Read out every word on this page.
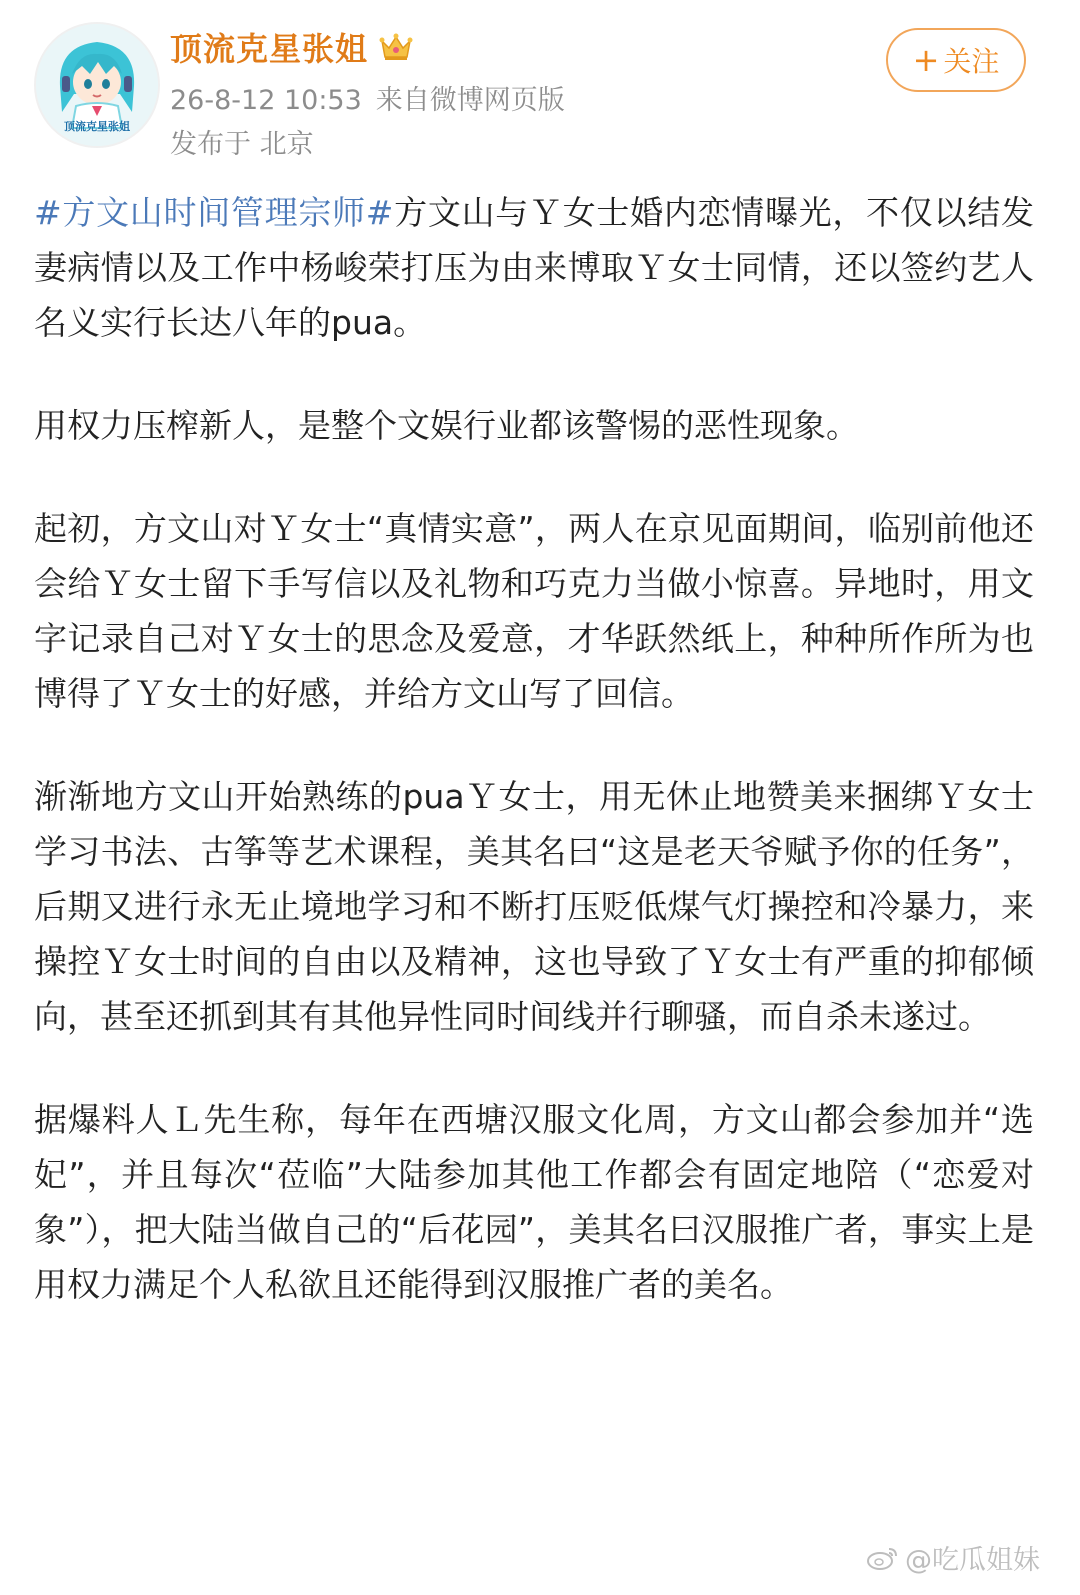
顶流克星张姐
顶流克星张姐
26-8-12 10:53 来自微博网页版
发布于 北京
+ 关注

#方文山时间管理宗师#方文山与Ｙ女士婚内恋情曝光，不仅以结发妻病情以及工作中杨峻荣打压为由来博取Ｙ女士同情，还以签约艺人名义实行长达八年的pua。

用权力压榨新人，是整个文娱行业都该警惕的恶性现象。

起初，方文山对Ｙ女士“真情实意”，两人在京见面期间，临别前他还会给Ｙ女士留下手写信以及礼物和巧克力当做小惊喜。异地时，用文字记录自己对Ｙ女士的思念及爱意，才华跃然纸上，种种所作所为也博得了Ｙ女士的好感，并给方文山写了回信。

渐渐地方文山开始熟练的puaＹ女士，用无休止地赞美来捆绑Ｙ女士学习书法、古筝等艺术课程，美其名曰“这是老天爷赋予你的任务”，后期又进行永无止境地学习和不断打压贬低煤气灯操控和冷暴力，来操控Ｙ女士时间的自由以及精神，这也导致了Ｙ女士有严重的抑郁倾向，甚至还抓到其有其他异性同时间线并行聊骚，而自杀未遂过。

据爆料人Ｌ先生称，每年在西塘汉服文化周，方文山都会参加并“选妃”，并且每次“莅临”大陆参加其他工作都会有固定地陪（“恋爱对象”），把大陆当做自己的“后花园”，美其名曰汉服推广者，事实上是用权力满足个人私欲且还能得到汉服推广者的美名。

@吃瓜姐妹
